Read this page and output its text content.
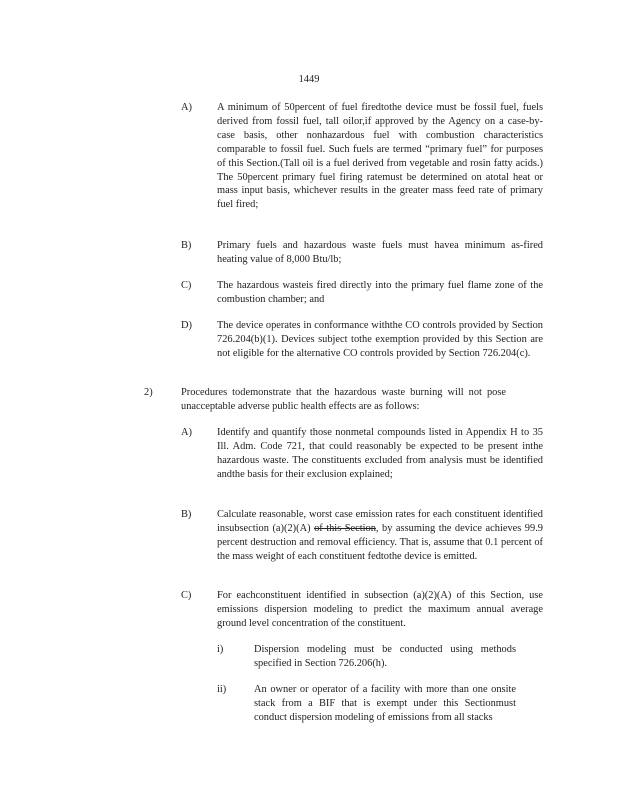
1449
A) A minimum of 50percent of fuel firedtothe device must be fossil fuel, fuels derived from fossil fuel, tall oilor,if approved by the Agency on a case-by-case basis, other nonhazardous fuel with combustion characteristics comparable to fossil fuel. Such fuels are termed “primary fuel” for purposes of this Section.(Tall oil is a fuel derived from vegetable and rosin fatty acids.) The 50percent primary fuel firing ratemust be determined on atotal heat or mass input basis, whichever results in the greater mass feed rate of primary fuel fired;
B) Primary fuels and hazardous waste fuels must havea minimum as-fired heating value of 8,000 Btu/lb;
C) The hazardous wasteis fired directly into the primary fuel flame zone of the combustion chamber; and
D) The device operates in conformance withthe CO controls provided by Section 726.204(b)(1). Devices subject tothe exemption provided by this Section are not eligible for the alternative CO controls provided by Section 726.204(c).
2)	Procedures todemonstrate that the hazardous waste burning will not pose unacceptable adverse public health effects are as follows:
A) Identify and quantify those nonmetal compounds listed in Appendix H to 35 Ill. Adm. Code 721, that could reasonably be expected to be present inthe hazardous waste. The constituents excluded from analysis must be identified andthe basis for their exclusion explained;
B) Calculate reasonable, worst case emission rates for each constituent identified insubsection (a)(2)(A) of this Section, by assuming the device achieves 99.9 percent destruction and removal efficiency. That is, assume that 0.1 percent of the mass weight of each constituent fedtothe device is emitted.
C) For eachconstituent identified in subsection (a)(2)(A) of this Section, use emissions dispersion modeling to predict the maximum annual average ground level concentration of the constituent.
i)	Dispersion modeling must be conducted using methods specified in Section 726.206(h).
ii)	An owner or operator of a facility with more than one onsite stack from a BIF that is exempt under this Sectionmust conduct dispersion modeling of emissions from all stacks
